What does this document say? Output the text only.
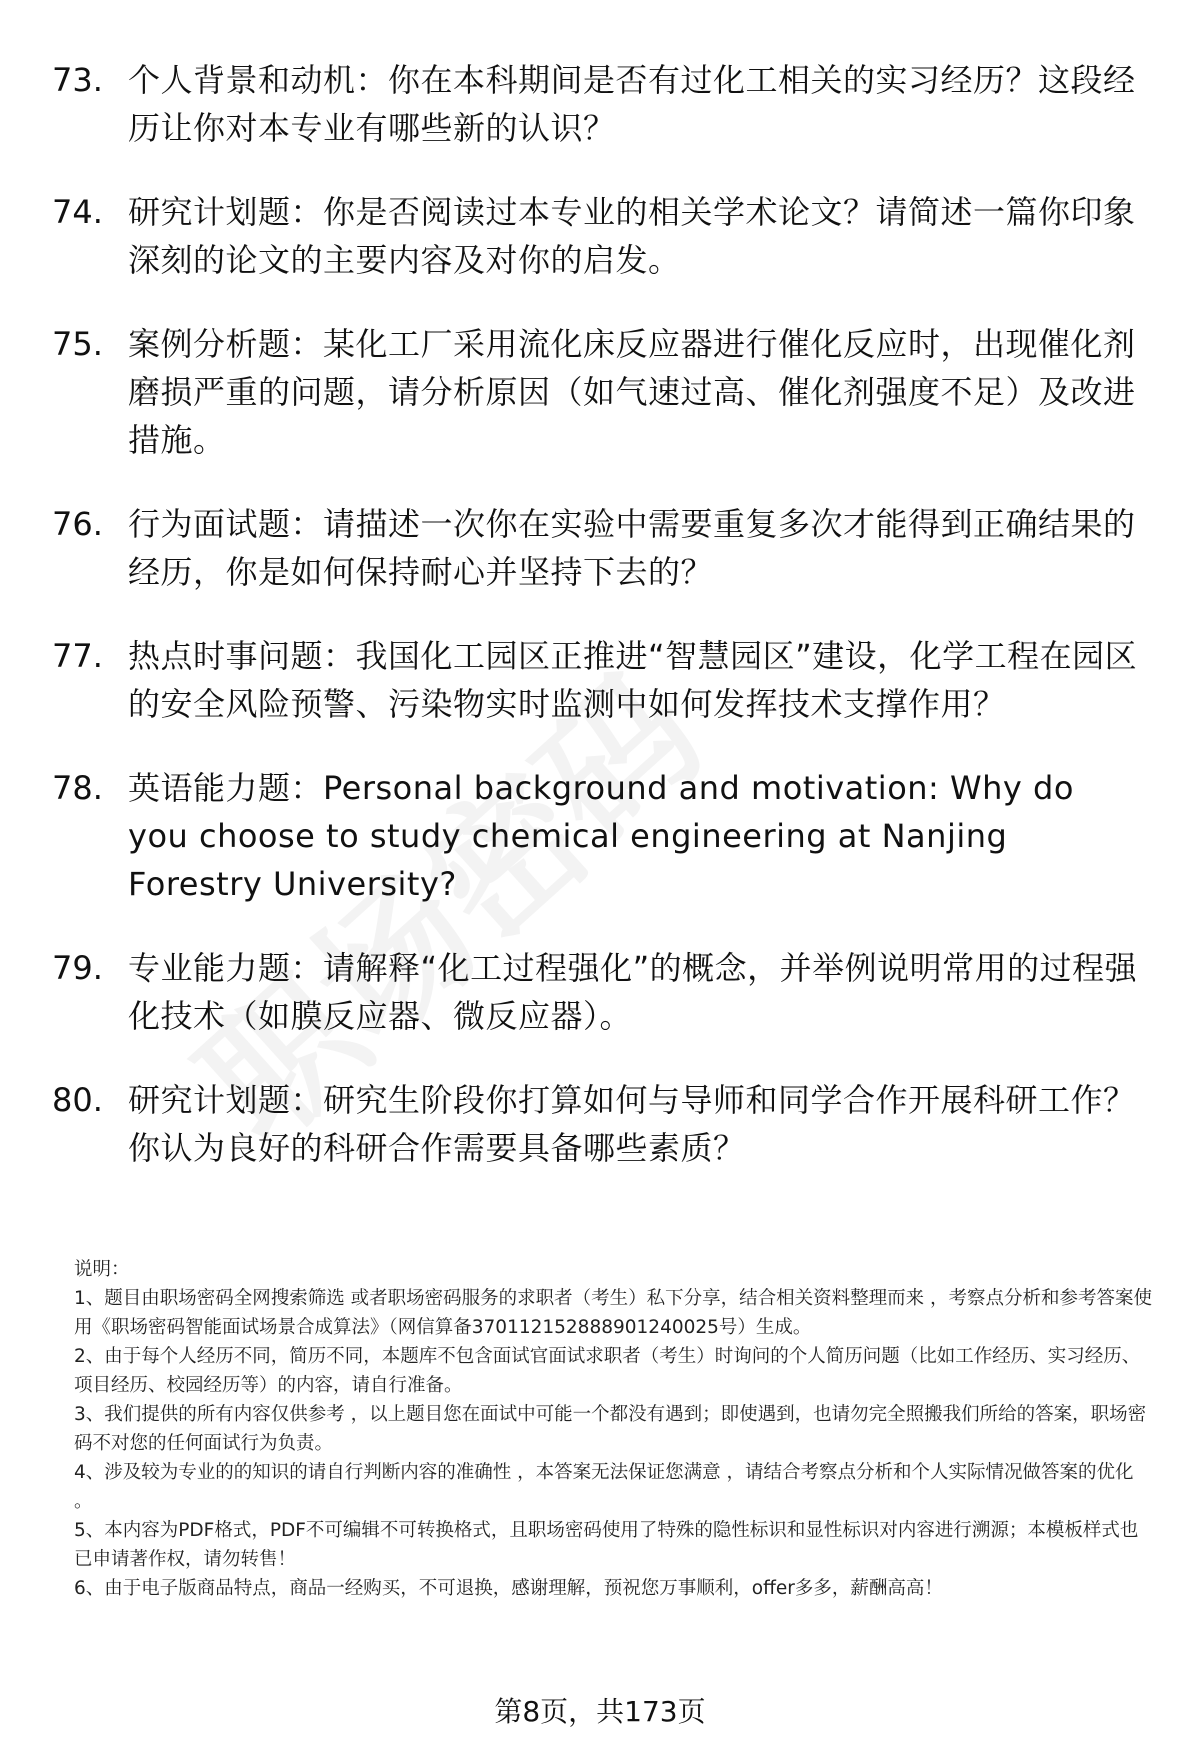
73. 个人背景和动机：你在本科期间是否有过化工相关的实习经历？这段经历让你对本专业有哪些新的认识？
74. 研究计划题：你是否阅读过本专业的相关学术论文？请简述一篇你印象深刻的论文的主要内容及对你的启发。
75. 案例分析题：某化工厂采用流化床反应器进行催化反应时，出现催化剂磨损严重的问题，请分析原因（如气速过高、催化剂强度不足）及改进措施。
76. 行为面试题：请描述一次你在实验中需要重复多次才能得到正确结果的经历，你是如何保持耐心并坚持下去的？
77. 热点时事问题：我国化工园区正推进“智慧园区”建设，化学工程在园区的安全风险预警、污染物实时监测中如何发挥技术支撑作用？
78. 英语能力题：Personal background and motivation: Why do you choose to study chemical engineering at Nanjing Forestry University?
79. 专业能力题：请解释“化工过程强化”的概念，并举例说明常用的过程强化技术（如膜反应器、微反应器）。
80. 研究计划题：研究生阶段你打算如何与导师和同学合作开展科研工作？你认为良好的科研合作需要具备哪些素质？

说明：

1、题目由职场密码全网搜索筛选 或者职场密码服务的求职者（考生）私下分享，结合相关资料整理而来 ，考察点分析和参考答案使用《职场密码智能面试场景合成算法》（网信算备370112152888901240025号）生成。

2、由于每个人经历不同，简历不同，本题库不包含面试官面试求职者（考生）时询问的个人简历问题（比如工作经历、实习经历、项目经历、校园经历等）的内容，请自行准备。

3、我们提供的所有内容仅供参考 ，以上题目您在面试中可能一个都没有遇到；即使遇到，也请勿完全照搬我们所给的答案，职场密码不对您的任何面试行为负责。

4、涉及较为专业的的知识的请自行判断内容的准确性 ，本答案无法保证您满意 ，请结合考察点分析和个人实际情况做答案的优化 。

5、本内容为PDF格式，PDF不可编辑不可转换格式，且职场密码使用了特殊的隐性标识和显性标识对内容进行溯源；本模板样式也已申请著作权，请勿转售！

6、由于电子版商品特点，商品一经购买，不可退换，感谢理解，预祝您万事顺利，offer多多，薪酬高高！

第8页，共173页
